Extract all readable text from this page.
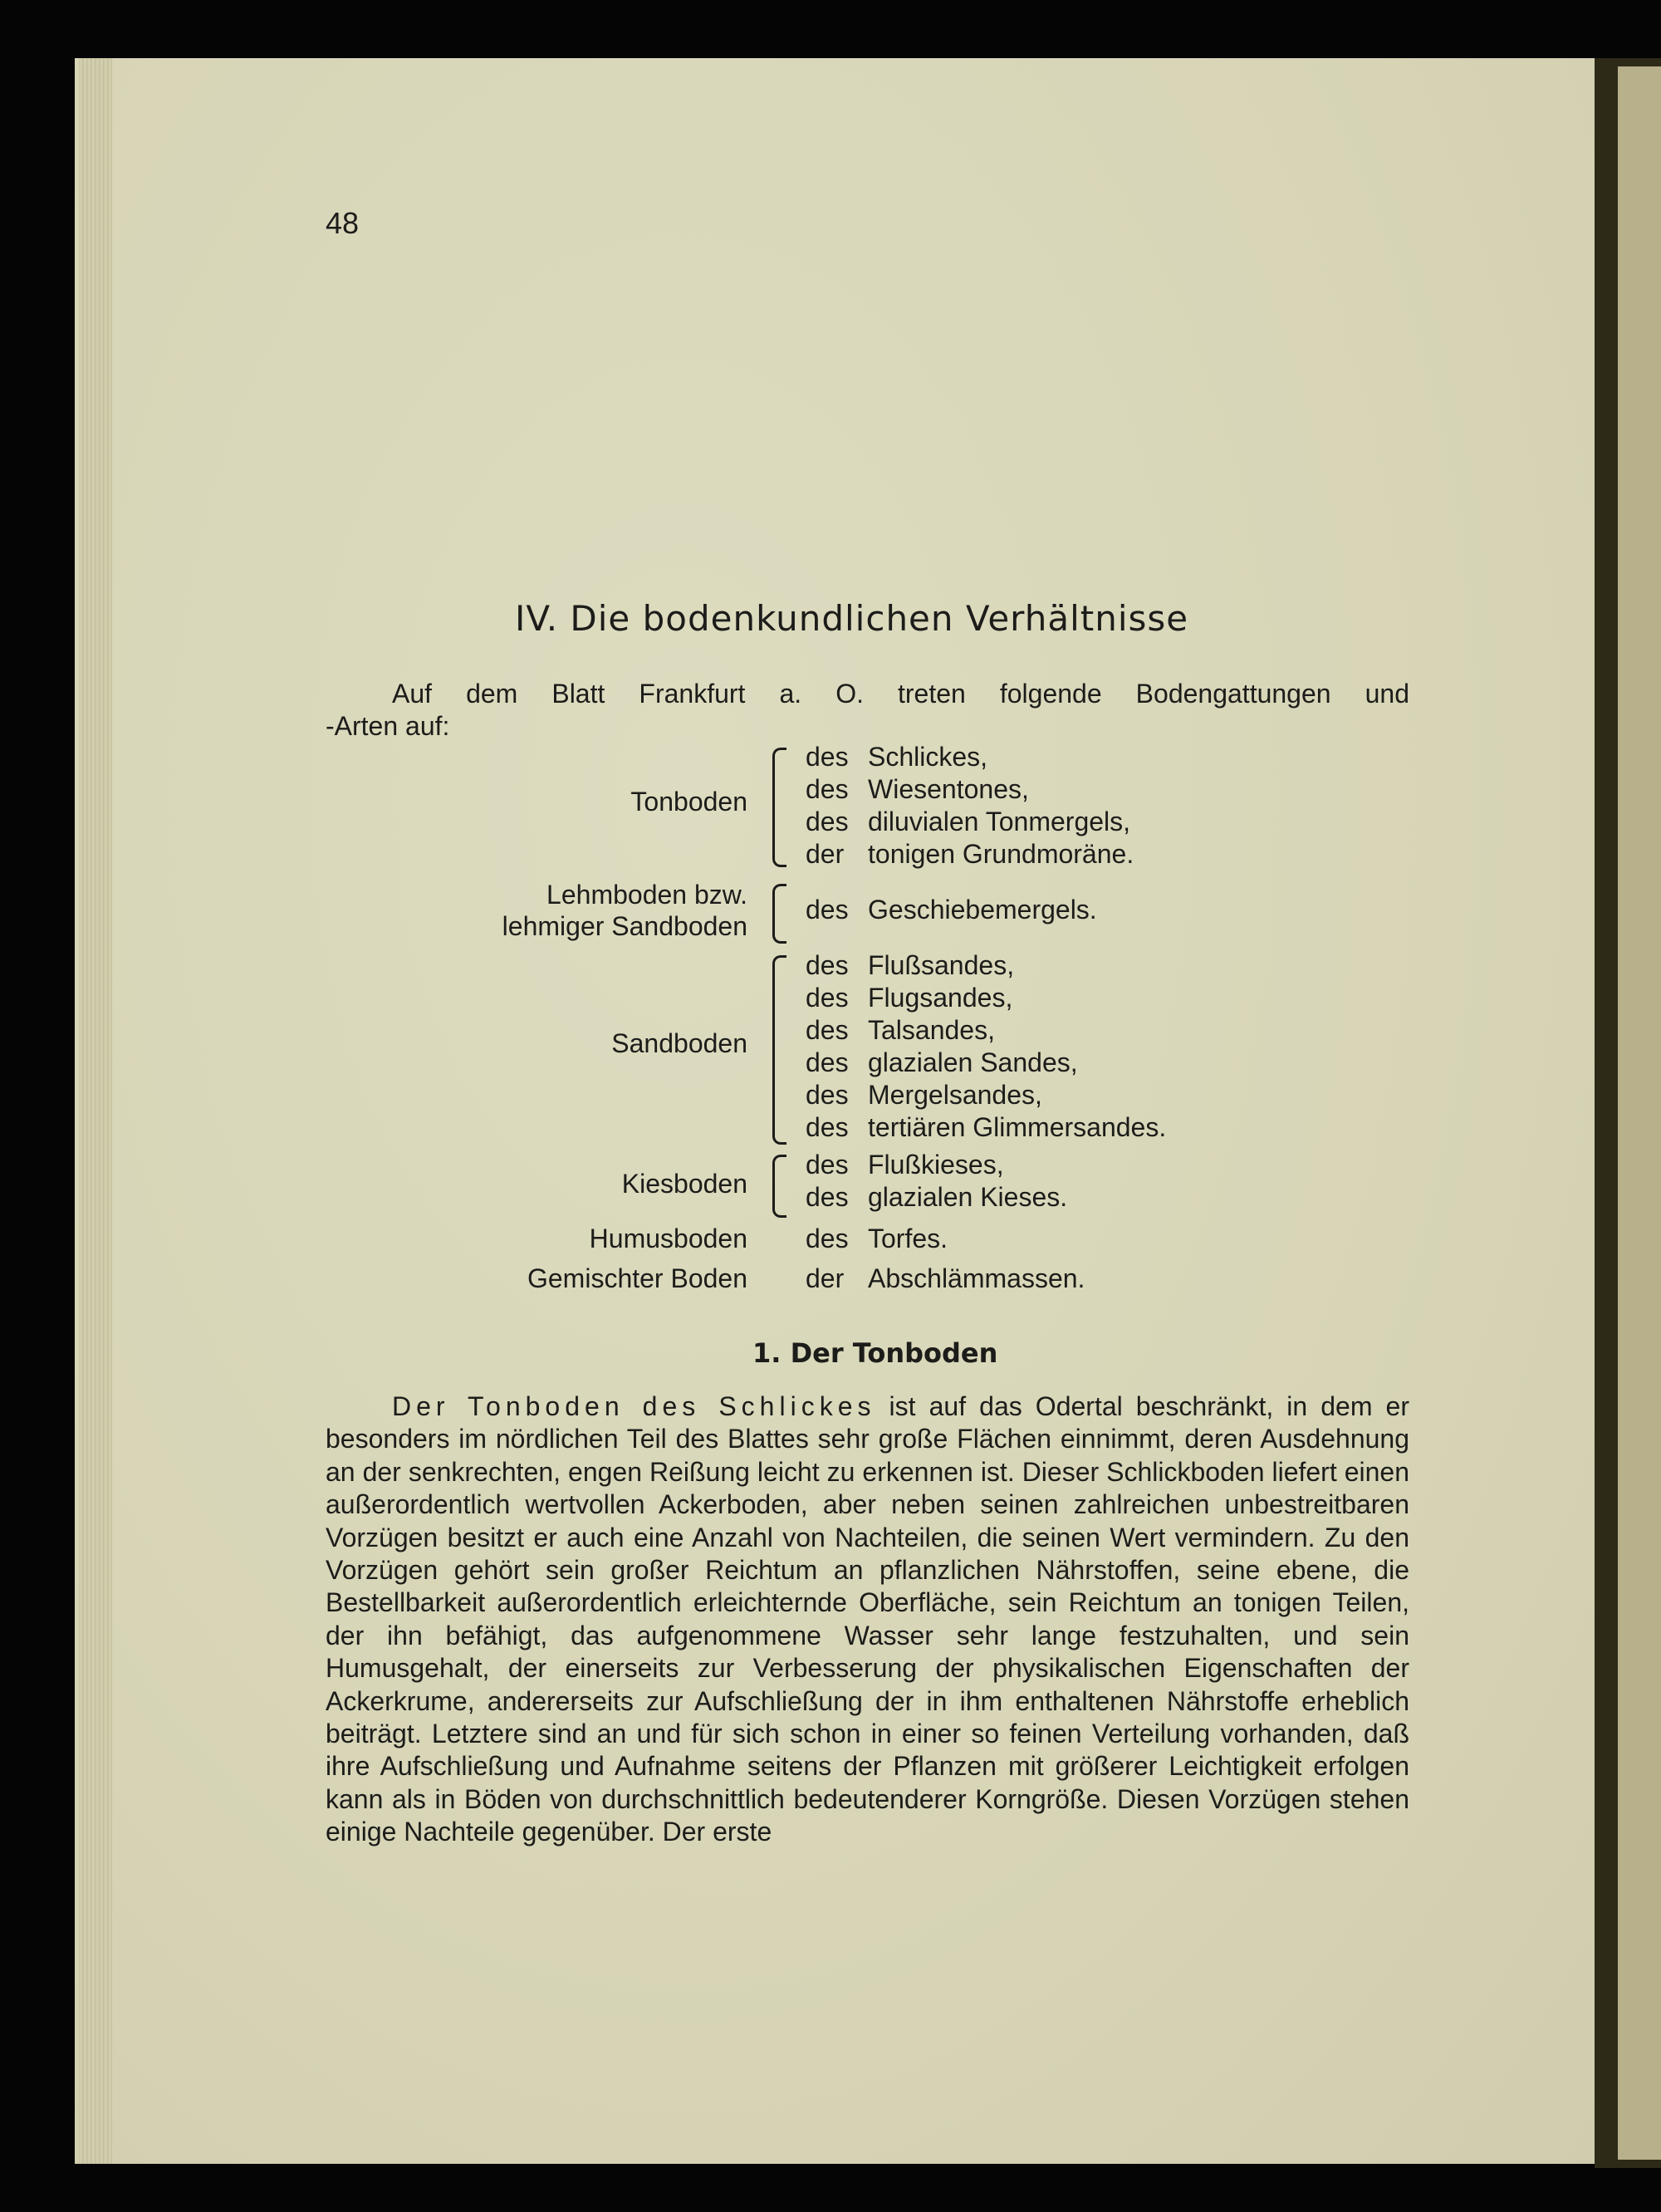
48
IV. Die bodenkundlichen Verhältnisse
Auf dem Blatt Frankfurt a. O. treten folgende Bodengattungen und
-Arten auf:
Tonboden
des Schlickes,
des Wiesentones,
des diluvialen Tonmergels,
der tonigen Grundmoräne.
Lehmboden bzw.
lehmiger Sandboden
des Geschiebemergels.
Sandboden
des Flußsandes,
des Flugsandes,
des Talsandes,
des glazialen Sandes,
des Mergelsandes,
des tertiären Glimmersandes.
Kiesboden
des Flußkieses,
des glazialen Kieses.
Humusboden des Torfes.
Gemischter Boden der Abschlämmassen.
1. Der Tonboden
Der Tonboden des Schlickes ist auf das Odertal beschränkt, in dem er besonders im nördlichen Teil des Blattes sehr große Flächen einnimmt, deren Ausdehnung an der senkrechten, engen Reißung leicht zu erkennen ist. Dieser Schlickboden liefert einen außerordentlich wertvollen Ackerboden, aber neben seinen zahlreichen unbestreitbaren Vorzügen besitzt er auch eine Anzahl von Nachteilen, die seinen Wert vermindern. Zu den Vorzügen gehört sein großer Reichtum an pflanzlichen Nährstoffen, seine ebene, die Bestellbarkeit außerordentlich erleichternde Oberfläche, sein Reichtum an tonigen Teilen, der ihn befähigt, das aufgenommene Wasser sehr lange festzuhalten, und sein Humusgehalt, der einerseits zur Verbesserung der physikalischen Eigenschaften der Ackerkrume, andererseits zur Aufschließung der in ihm enthaltenen Nährstoffe erheblich beiträgt. Letztere sind an und für sich schon in einer so feinen Verteilung vorhanden, daß ihre Aufschließung und Aufnahme seitens der Pflanzen mit größerer Leichtigkeit erfolgen kann als in Böden von durchschnittlich bedeutenderer Korngröße. Diesen Vorzügen stehen einige Nachteile gegenüber. Der erste
